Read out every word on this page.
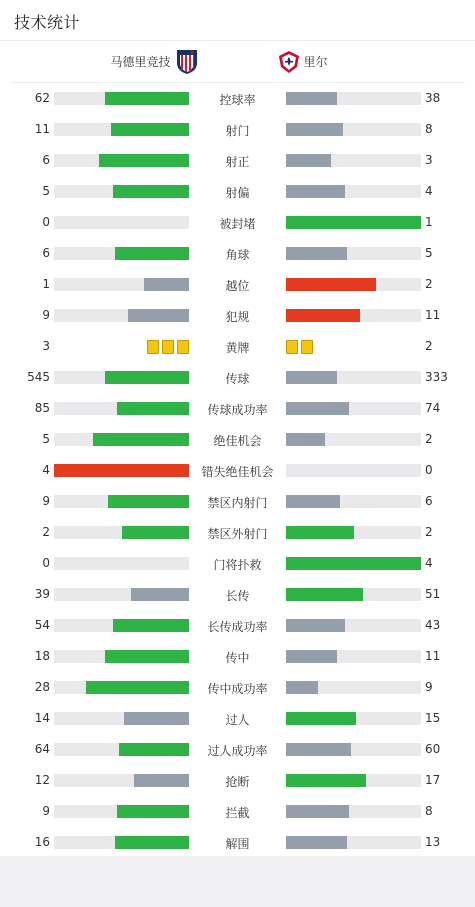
技术统计
马德里竞技	里尔
62	控球率	38
11	射门	8
6	射正	3
5	射偏	4
0	被封堵	1
6	角球	5
1	越位	2
9	犯规	11
3	黄牌	2
545	传球	333
85	传球成功率	74
5	绝佳机会	2
4	错失绝佳机会	0
9	禁区内射门	6
2	禁区外射门	2
0	门将扑救	4
39	长传	51
54	长传成功率	43
18	传中	11
28	传中成功率	9
14	过人	15
64	过人成功率	60
12	抢断	17
9	拦截	8
16	解围	13
